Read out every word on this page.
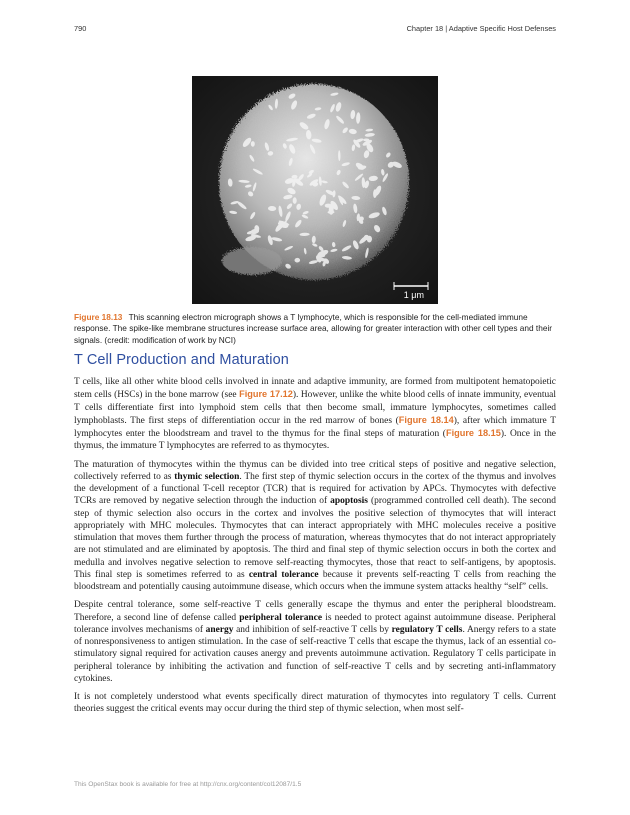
790	Chapter 18 | Adaptive Specific Host Defenses
1 μm
Figure 18.13 This scanning electron micrograph shows a T lymphocyte, which is responsible for the cell-mediated immune response. The spike-like membrane structures increase surface area, allowing for greater interaction with other cell types and their signals. (credit: modification of work by NCI)
T Cell Production and Maturation

T cells, like all other white blood cells involved in innate and adaptive immunity, are formed from multipotent hematopoietic stem cells (HSCs) in the bone marrow (see Figure 17.12). However, unlike the white blood cells of innate immunity, eventual T cells differentiate first into lymphoid stem cells that then become small, immature lymphocytes, sometimes called lymphoblasts. The first steps of differentiation occur in the red marrow of bones (Figure 18.14), after which immature T lymphocytes enter the bloodstream and travel to the thymus for the final steps of maturation (Figure 18.15). Once in the thymus, the immature T lymphocytes are referred to as thymocytes.

The maturation of thymocytes within the thymus can be divided into tree critical steps of positive and negative selection, collectively referred to as thymic selection. The first step of thymic selection occurs in the cortex of the thymus and involves the development of a functional T-cell receptor (TCR) that is required for activation by APCs. Thymocytes with defective TCRs are removed by negative selection through the induction of apoptosis (programmed controlled cell death). The second step of thymic selection also occurs in the cortex and involves the positive selection of thymocytes that will interact appropriately with MHC molecules. Thymocytes that can interact appropriately with MHC molecules receive a positive stimulation that moves them further through the process of maturation, whereas thymocytes that do not interact appropriately are not stimulated and are eliminated by apoptosis. The third and final step of thymic selection occurs in both the cortex and medulla and involves negative selection to remove self-reacting thymocytes, those that react to self-antigens, by apoptosis. This final step is sometimes referred to as central tolerance because it prevents self-reacting T cells from reaching the bloodstream and potentially causing autoimmune disease, which occurs when the immune system attacks healthy “self” cells.

Despite central tolerance, some self-reactive T cells generally escape the thymus and enter the peripheral bloodstream. Therefore, a second line of defense called peripheral tolerance is needed to protect against autoimmune disease. Peripheral tolerance involves mechanisms of anergy and inhibition of self-reactive T cells by regulatory T cells. Anergy refers to a state of nonresponsiveness to antigen stimulation. In the case of self-reactive T cells that escape the thymus, lack of an essential co-stimulatory signal required for activation causes anergy and prevents autoimmune activation. Regulatory T cells participate in peripheral tolerance by inhibiting the activation and function of self-reactive T cells and by secreting anti-inflammatory cytokines.

It is not completely understood what events specifically direct maturation of thymocytes into regulatory T cells. Current theories suggest the critical events may occur during the third step of thymic selection, when most self-

This OpenStax book is available for free at http://cnx.org/content/col12087/1.5
